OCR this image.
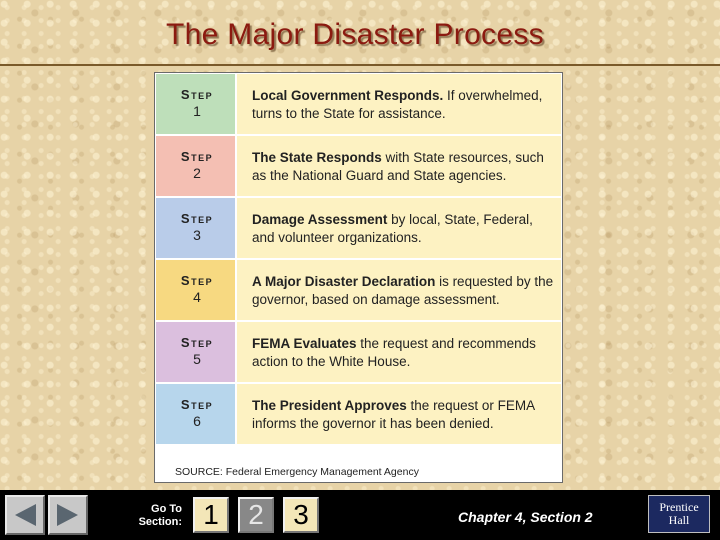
The Major Disaster Process
Step
1
Local Government Responds. If overwhelmed, turns to the State for assistance.
Step
2
The State Responds with State resources, such as the National Guard and State agencies.
Step
3
Damage Assessment by local, State, Federal, and volunteer organizations.
Step
4
A Major Disaster Declaration is requested by the governor, based on damage assessment.
Step
5
FEMA Evaluates the request and recommends action to the White House.
Step
6
The President Approves the request or FEMA informs the governor it has been denied.
SOURCE: Federal Emergency Management Agency
Go To
Section: 1	2	3	Chapter 4, Section 2
Prentice
Hall
